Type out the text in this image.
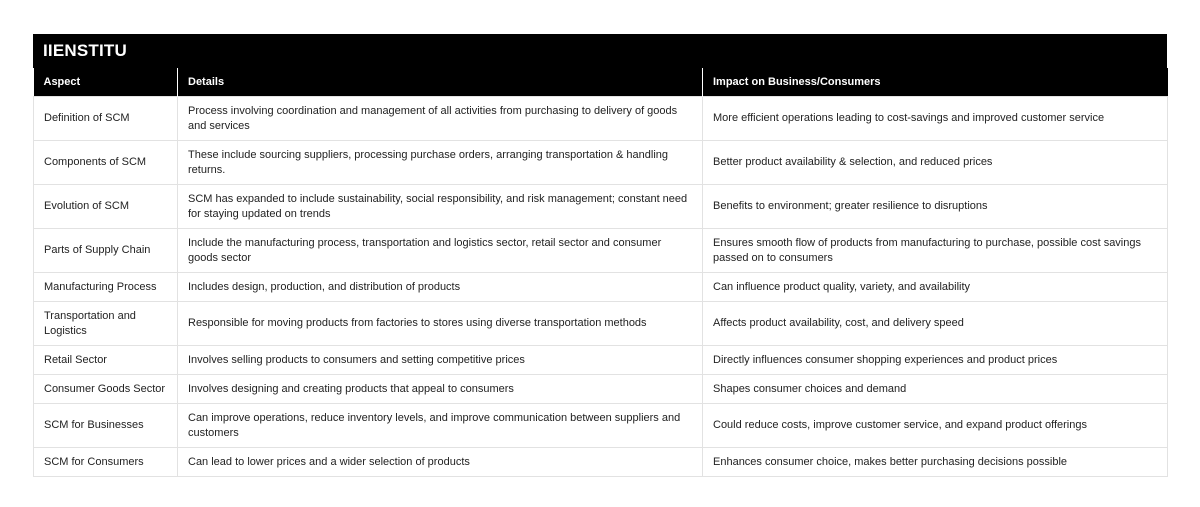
IIENSTITU
Aspect	Details	Impact on Business/Consumers
Definition of SCM	Process involving coordination and management of all activities from purchasing to delivery of goods and services	More efficient operations leading to cost-savings and improved customer service
Components of SCM	These include sourcing suppliers, processing purchase orders, arranging transportation & handling returns.	Better product availability & selection, and reduced prices
Evolution of SCM	SCM has expanded to include sustainability, social responsibility, and risk management; constant need for staying updated on trends	Benefits to environment; greater resilience to disruptions
Parts of Supply Chain	Include the manufacturing process, transportation and logistics sector, retail sector and consumer goods sector	Ensures smooth flow of products from manufacturing to purchase, possible cost savings passed on to consumers
Manufacturing Process	Includes design, production, and distribution of products	Can influence product quality, variety, and availability
Transportation and Logistics	Responsible for moving products from factories to stores using diverse transportation methods	Affects product availability, cost, and delivery speed
Retail Sector	Involves selling products to consumers and setting competitive prices	Directly influences consumer shopping experiences and product prices
Consumer Goods Sector	Involves designing and creating products that appeal to consumers	Shapes consumer choices and demand
SCM for Businesses	Can improve operations, reduce inventory levels, and improve communication between suppliers and customers	Could reduce costs, improve customer service, and expand product offerings
SCM for Consumers	Can lead to lower prices and a wider selection of products	Enhances consumer choice, makes better purchasing decisions possible
